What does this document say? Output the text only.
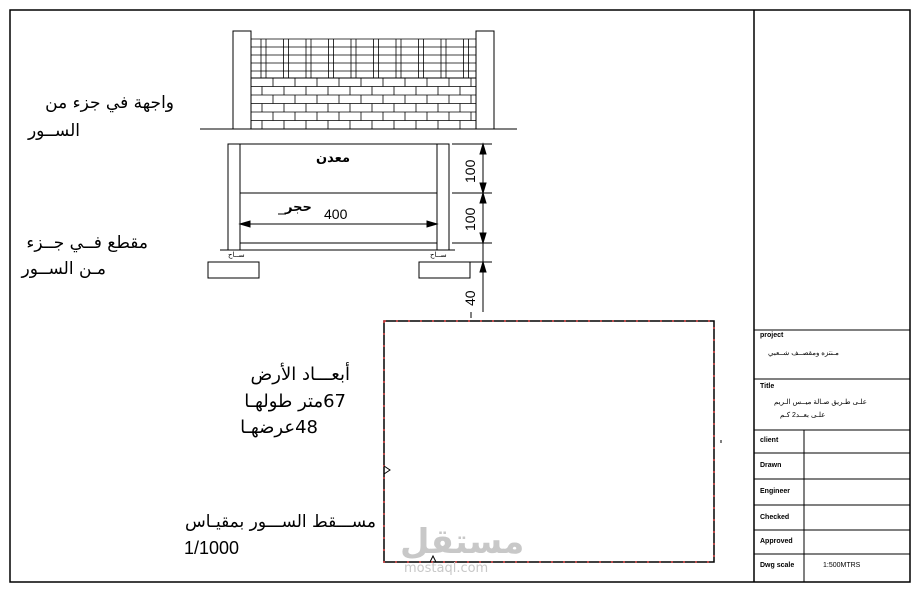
واجهة في جزء من
الســور
مقطع فــي جــزء
مـن الســور
معدن
حجر 400
100
100
40
ســاح	ســاح
أبعـــاد الأرض
67متر طولهـا
48عرضهـا
مســـقط الســـور بمقيـاس
1/1000	مستقل
mostaql.com
project
مـنتزه ومقصــف شــعبي
Title
علـى طـريق صـالة ميــس الـريم
علـى بعــد2 كـم
client
Drawn
Engineer
Checked
Approved
Dwg scale	1:500MTRS
